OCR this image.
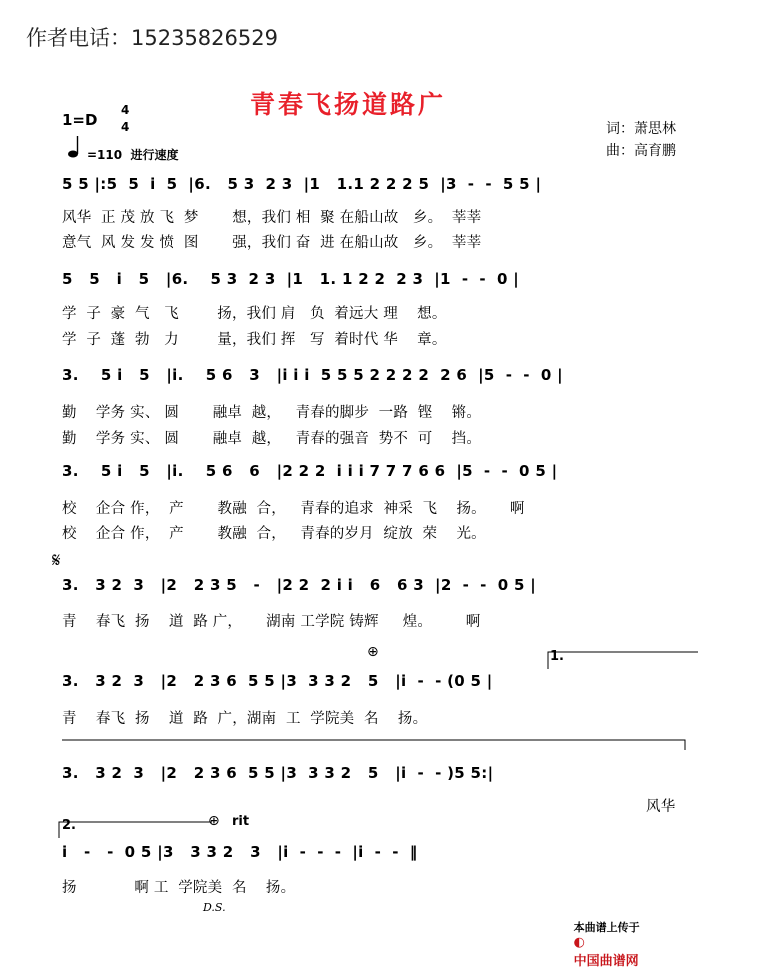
作者电话：15235826529
青春飞扬道路广
1=D
4
4
=110  进行速度
词：萧思林
曲：高育鹏
5 5 |:5  5  i  5  |6.   5 3  2 3  |1   1.1 2 2 2 5  |3  -  -  5 5 |
风华  正 茂 放 飞  梦       想，我们 相  聚 在船山故   乡。  莘莘
意气  风 发 发 愤  图       强，我们 奋  进 在船山故   乡。  莘莘
5   5   i   5   |6.    5 3  2 3  |1   1. 1 2 2  2 3  |1  -  -  0 |
学  子  豪  气   飞        扬，我们 肩   负  着远大 理    想。
学  子  蓬  勃   力        量，我们 挥   写  着时代 华    章。
3.    5 i   5   |i.    5 6   3   |i i i  5 5 5 2 2 2 2  2 6  |5  -  -  0 |
勤    学务 实、 圆       融卓  越，   青春的脚步  一路  铿    锵。
勤    学务 实、 圆       融卓  越，   青春的强音  势不  可    挡。
3.    5 i   5   |i.    5 6   6   |2 2 2  i i i 7 7 7 6 6  |5  -  -  0 5 |
校    企合 作，  产       教融  合，   青春的追求  神采  飞    扬。     啊
校    企合 作，  产       教融  合，   青春的岁月  绽放  荣    光。
𝄋
3.   3 2  3   |2   2 3 5   -   |2 2  2 i i   6   6 3  |2  -  -  0 5 |
青    春飞  扬    道  路 广，     湖南 工学院 铸辉     煌。       啊
⊕	1.
3.   3 2  3   |2   2 3 6  5 5 |3  3 3 2   5   |i  -  - (0 5 |
青    春飞  扬    道  路  广，湖南  工  学院美  名    扬。
3.   3 2  3   |2   2 3 6  5 5 |3  3 3 2   5   |i  -  - )5 5:|
风华
2.	⊕ rit
i   -   -  0 5 |3   3 3 2   3   |i  -  -  -  |i  -  -  ‖
扬            啊 工  学院美  名    扬。
D.S.

本曲谱上传于
◐
中国曲谱网
